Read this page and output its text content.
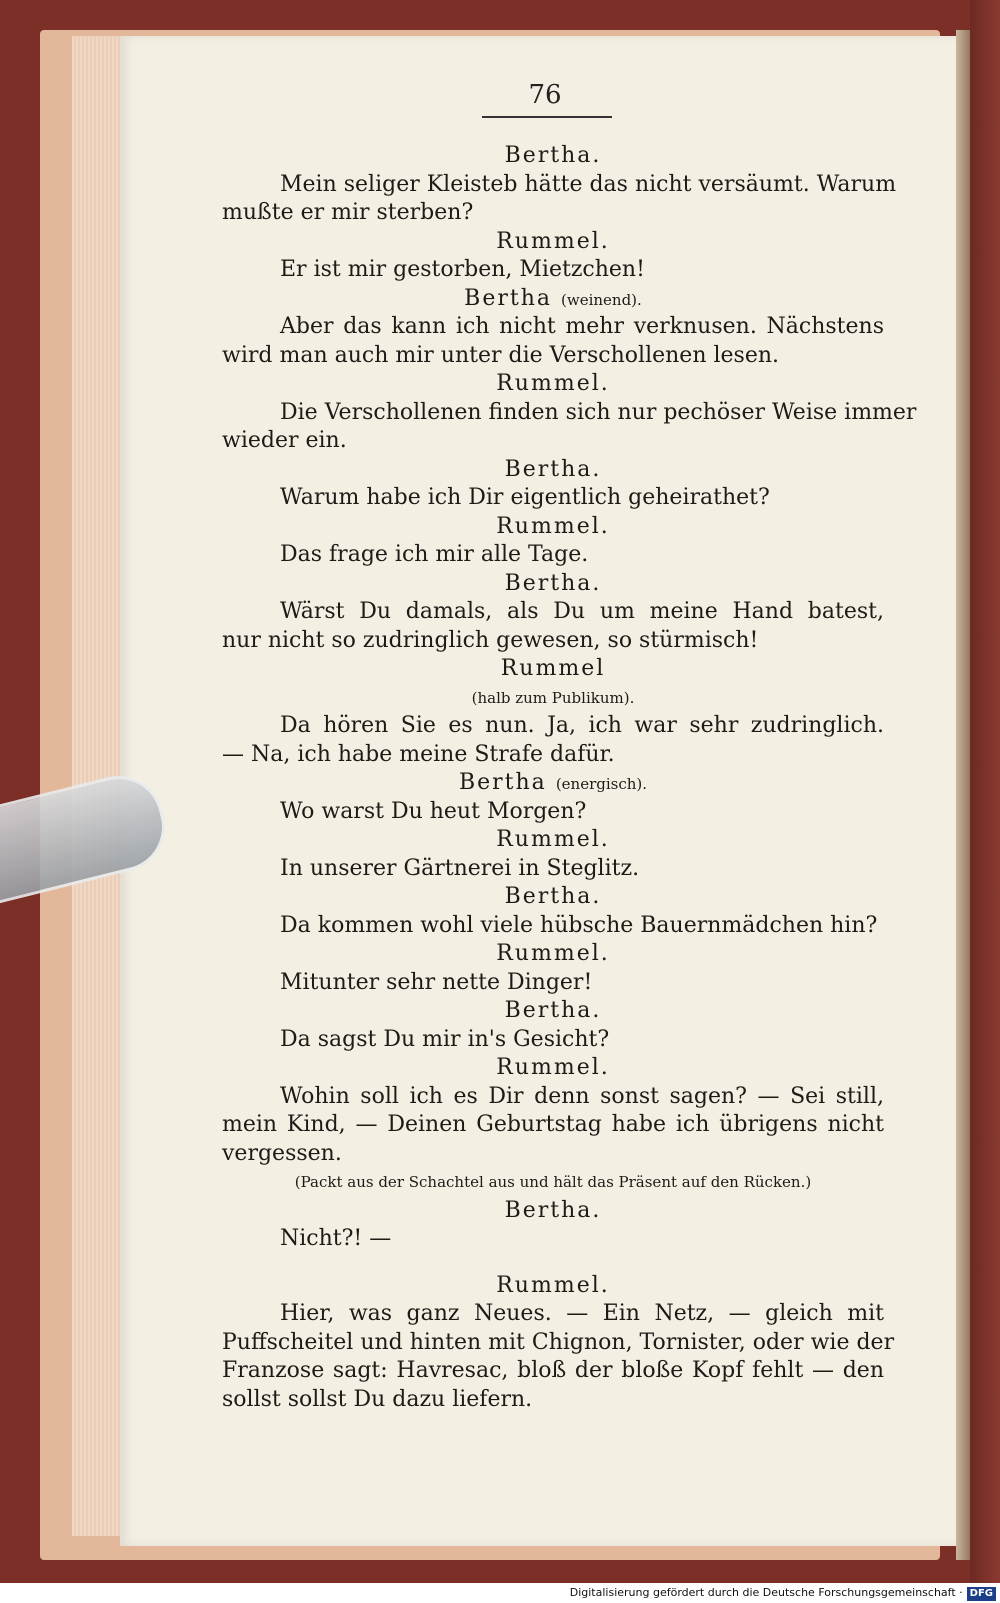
76
Bertha.
Mein seliger Kleisteb hätte das nicht versäumt. Warum
mußte er mir sterben?
Rummel.
Er ist mir gestorben, Mietzchen!
Bertha (weinend).
Aber das kann ich nicht mehr verknusen. Nächstens
wird man auch mir unter die Verschollenen lesen.
Rummel.
Die Verschollenen finden sich nur pechöser Weise immer
wieder ein.
Bertha.
Warum habe ich Dir eigentlich geheirathet?
Rummel.
Das frage ich mir alle Tage.
Bertha.
Wärst Du damals, als Du um meine Hand batest,
nur nicht so zudringlich gewesen, so stürmisch!
Rummel
(halb zum Publikum).
Da hören Sie es nun. Ja, ich war sehr zudringlich.
— Na, ich habe meine Strafe dafür.
Bertha (energisch).
Wo warst Du heut Morgen?
Rummel.
In unserer Gärtnerei in Steglitz.
Bertha.
Da kommen wohl viele hübsche Bauernmädchen hin?
Rummel.
Mitunter sehr nette Dinger!
Bertha.
Da sagst Du mir in's Gesicht?
Rummel.
Wohin soll ich es Dir denn sonst sagen? — Sei still,
mein Kind, — Deinen Geburtstag habe ich übrigens nicht
vergessen.
(Packt aus der Schachtel aus und hält das Präsent auf den Rücken.)
Bertha.
Nicht?! —
Rummel.
Hier, was ganz Neues. — Ein Netz, — gleich mit
Puffscheitel und hinten mit Chignon, Tornister, oder wie der
Franzose sagt: Havresac, bloß der bloße Kopf fehlt — den
sollst sollst Du dazu liefern.
Digitalisierung gefördert durch die Deutsche Forschungsgemeinschaft · DFG
